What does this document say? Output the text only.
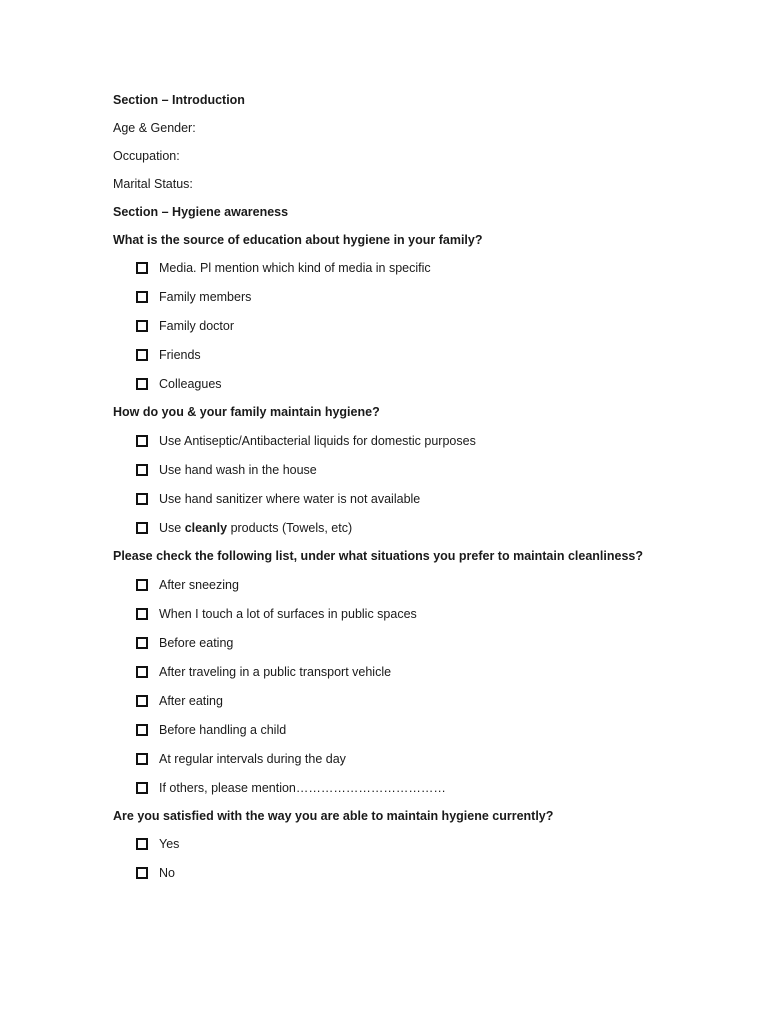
Section – Introduction
Age & Gender:
Occupation:
Marital Status:
Section – Hygiene awareness
What is the source of education about hygiene in your family?
Media. Pl mention which kind of media in specific
Family members
Family doctor
Friends
Colleagues
How do you & your family maintain hygiene?
Use Antiseptic/Antibacterial liquids for domestic purposes
Use hand wash in the house
Use hand sanitizer where water is not available
Use cleanly products (Towels, etc)
Please check the following list, under what situations you prefer to maintain cleanliness?
After sneezing
When I touch a lot of surfaces in public spaces
Before eating
After traveling in a public transport vehicle
After eating
Before handling a child
At regular intervals during the day
If others, please mention………………………………
Are you satisfied with the way you are able to maintain hygiene currently?
Yes
No
